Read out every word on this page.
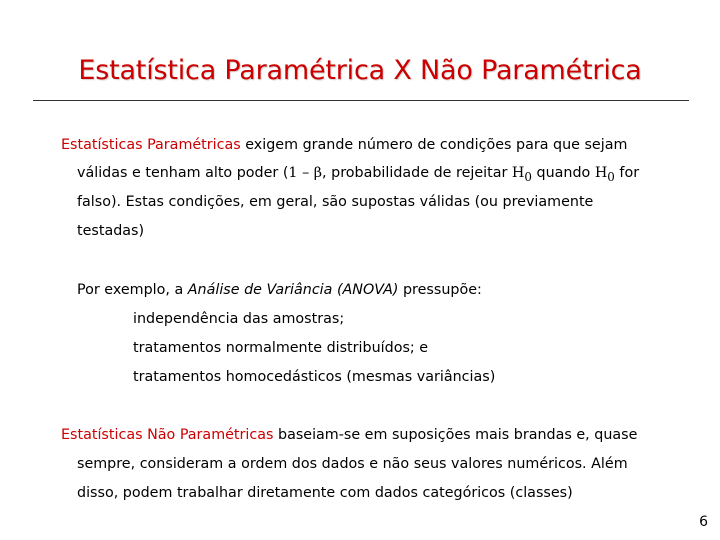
Estatística Paramétrica X Não Paramétrica
Estatísticas Paramétricas exigem grande número de condições para que sejam
válidas e tenham alto poder (1 – β, probabilidade de rejeitar $H_0$ quando $H_0$ for
falso). Estas condições, em geral, são supostas válidas (ou previamente
testadas)
Por exemplo, a Análise de Variância (ANOVA) pressupõe:
independência das amostras;
tratamentos normalmente distribuídos; e
tratamentos homocedásticos (mesmas variâncias)
Estatísticas Não Paramétricas baseiam-se em suposições mais brandas e, quase
sempre, consideram a ordem dos dados e não seus valores numéricos. Além
disso, podem trabalhar diretamente com dados categóricos (classes)
6
